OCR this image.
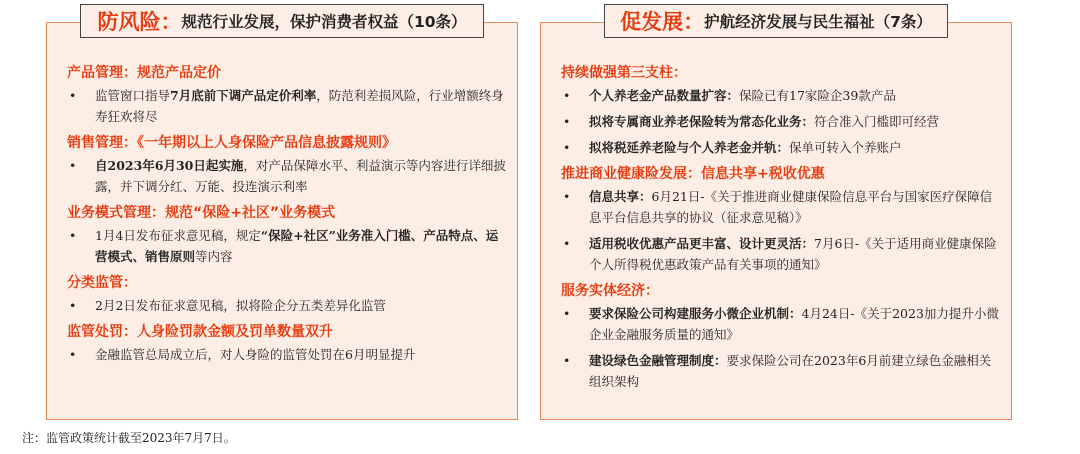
产品管理：规范产品定价
• 监管窗口指导7月底前下调产品定价利率，防范利差损风险，行业增额终身寿狂欢将尽
销售管理：《一年期以上人身保险产品信息披露规则》
• 自2023年6月30日起实施，对产品保障水平、利益演示等内容进行详细披露，并下调分红、万能、投连演示利率
业务模式管理：规范“保险+社区”业务模式
• 1月4日发布征求意见稿，规定“保险+社区”业务准入门槛、产品特点、运营模式、销售原则等内容
分类监管：
• 2月2日发布征求意见稿，拟将险企分五类差异化监管
监管处罚：人身险罚款金额及罚单数量双升
• 金融监管总局成立后，对人身险的监管处罚在6月明显提升
防风险： 规范行业发展，保护消费者权益（10条）
持续做强第三支柱：
• 个人养老金产品数量扩容：保险已有17家险企39款产品
• 拟将专属商业养老保险转为常态化业务：符合准入门槛即可经营
• 拟将税延养老险与个人养老金并轨：保单可转入个养账户
推进商业健康险发展：信息共享+税收优惠
• 信息共享：6月21日-《关于推进商业健康保险信息平台与国家医疗保障信息平台信息共享的协议（征求意见稿）》
• 适用税收优惠产品更丰富、设计更灵活：7月6日-《关于适用商业健康保险个人所得税优惠政策产品有关事项的通知》
服务实体经济：
• 要求保险公司构建服务小微企业机制：4月24日-《关于2023加力提升小微企业金融服务质量的通知》
• 建设绿色金融管理制度：要求保险公司在2023年6月前建立绿色金融相关组织架构
促发展： 护航经济发展与民生福祉（7条）
注：监管政策统计截至2023年7月7日。
